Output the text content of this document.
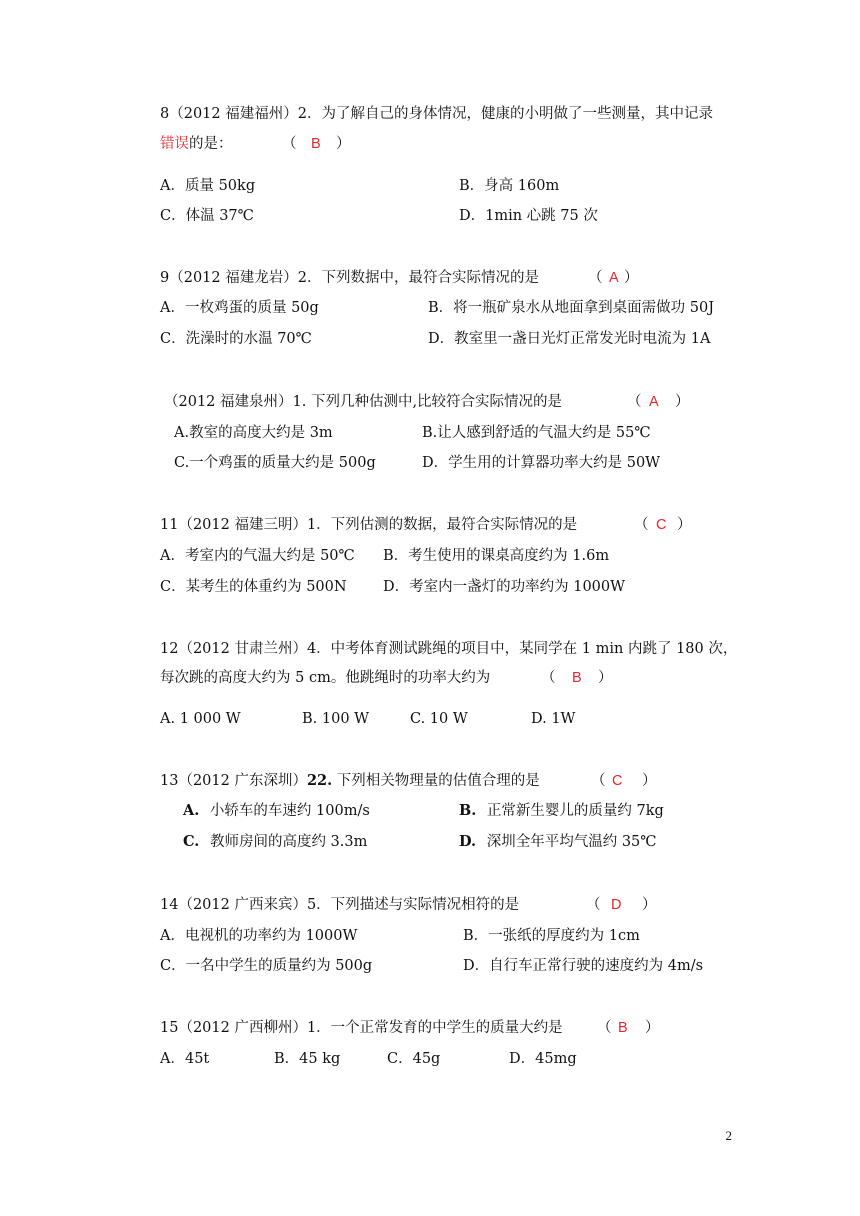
8（2012 福建福州）2．为了解自己的身体情况，健康的小明做了一些测量，其中记录
错误的是：	（ B ）
A．质量 50kg	B．身高 160m
C．体温 37℃	D．1min 心跳 75 次
9（2012 福建龙岩）2．下列数据中，最符合实际情况的是	（ A ）
A．一枚鸡蛋的质量 50g	B．将一瓶矿泉水从地面拿到桌面需做功 50J
C．洗澡时的水温 70℃	D．教室里一盏日光灯正常发光时电流为 1A
（2012 福建泉州）1. 下列几种估测中,比较符合实际情况的是	（ A ）
A.教室的高度大约是 3m	B.让人感到舒适的气温大约是 55℃
C.一个鸡蛋的质量大约是 500g	D．学生用的计算器功率大约是 50W
11（2012 福建三明）1．下列估测的数据，最符合实际情况的是	（ C ）
A．考室内的气温大约是 50℃ B．考生使用的课桌高度约为 1.6m
C．某考生的体重约为 500N	D．考室内一盏灯的功率约为 1000W
12（2012 甘肃兰州）4．中考体育测试跳绳的项目中，某同学在 1 min 内跳了 180 次，
每次跳的高度大约为 5 cm。他跳绳时的功率大约为	（ B ）
A. 1 000 W	B. 100 W	C. 10 W	D. 1W
13（2012 广东深圳）22. 下列相关物理量的估值合理的是	（ C ）
A. 小轿车的车速约 100m/s	B. 正常新生婴儿的质量约 7kg
C. 教师房间的高度约 3.3m	D. 深圳全年平均气温约 35℃
14（2012 广西来宾）5．下列描述与实际情况相符的是	（ D ）
A．电视机的功率约为 1000W	B．一张纸的厚度约为 1cm
C．一名中学生的质量约为 500g	D．自行车正常行驶的速度约为 4m/s
15（2012 广西柳州）1．一个正常发育的中学生的质量大约是 （ B ）
A．45t	B．45 kg	C．45g	D．45mg
2
